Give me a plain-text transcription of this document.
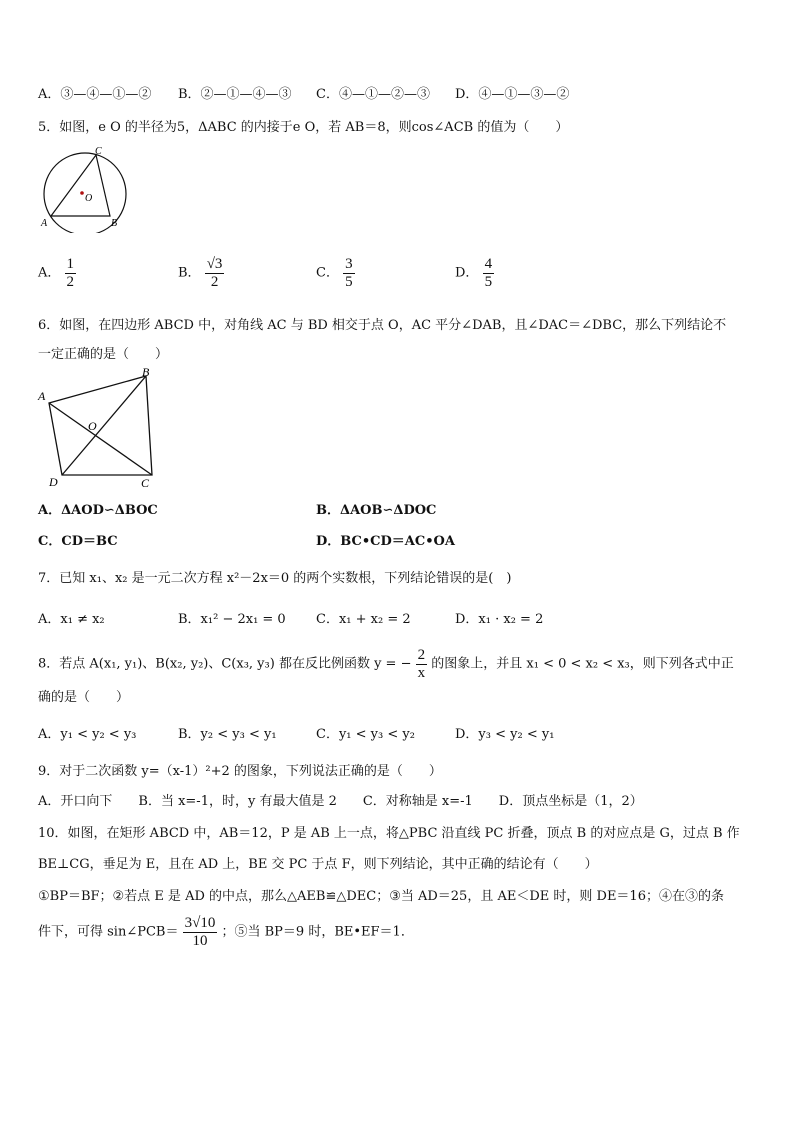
A．③—④—①—② B．②—①—④—③ C．④—①—②—③ D．④—①—③—②
5．如图，e O 的半径为5，ΔABC 的内接于e O，若 AB＝8，则cos∠ACB 的值为（　　）
C
O
A	B
A． $\frac{1}{2}$	B． $\frac{√3}{2}$	C． $\frac{3}{5}$	D． $\frac{4}{5}$
6．如图，在四边形 ABCD 中，对角线 AC 与 BD 相交于点 O，AC 平分∠DAB，且∠DAC＝∠DBC，那么下列结论不
一定正确的是（　　）
A
B
O
D	C
A．ΔAOD∽ΔBOC	B．ΔAOB∽ΔDOC
C．CD＝BC	D．BC•CD＝AC•OA
7．已知 x₁、x₂ 是一元二次方程 x²－2x＝0 的两个实数根，下列结论错误的是(　)
A．x₁ ≠ x₂	B．x₁² − 2x₁ = 0 C．x₁ + x₂ = 2	D．x₁ · x₂ = 2
8．若点 A(x₁, y₁)、B(x₂, y₂)、C(x₃, y₃) 都在反比例函数 y = − $\frac{2}{x}$ 的图象上，并且 x₁ < 0 < x₂ < x₃，则下列各式中正
确的是（　　）
A．y₁ < y₂ < y₃	B．y₂ < y₃ < y₁	C．y₁ < y₃ < y₂	D．y₃ < y₂ < y₁
9．对于二次函数 y=（x-1）²+2 的图象，下列说法正确的是（　　）
A．开口向下　　B．当 x=-1，时，y 有最大值是 2　　C．对称轴是 x=-1　　D．顶点坐标是（1，2）
10．如图，在矩形 ABCD 中，AB＝12，P 是 AB 上一点，将△PBC 沿直线 PC 折叠，顶点 B 的对应点是 G，过点 B 作
BE⊥CG，垂足为 E，且在 AD 上，BE 交 PC 于点 F，则下列结论，其中正确的结论有（　　）
①BP＝BF；②若点 E 是 AD 的中点，那么△AEB≌△DEC；③当 AD＝25，且 AE＜DE 时，则 DE＝16；④在③的条
件下，可得 sin∠PCB＝ $\frac{3√10}{10}$ ；⑤当 BP＝9 时，BE•EF＝1．
